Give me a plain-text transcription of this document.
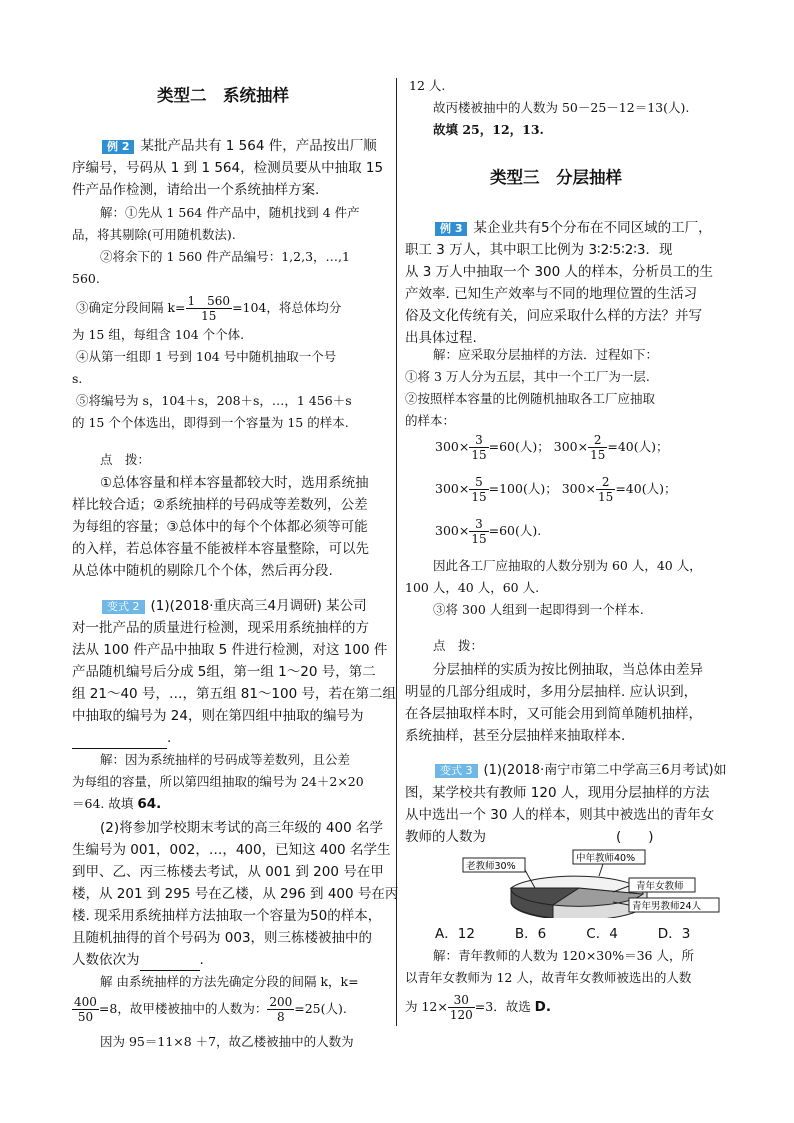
类型二　系统抽样
例 2 某批产品共有 1 564 件，产品按出厂顺
序编号，号码从 1 到 1 564，检测员要从中抽取 15
件产品作检测，请给出一个系统抽样方案.
解：①先从 1 564 件产品中，随机找到 4 件产
品，将其剔除(可用随机数法).
②将余下的 1 560 件产品编号：1,2,3，…,1
560.
③确定分段间隔 $k= \frac{1 560}{15} =104$，将总体均分
为 15 组，每组含 104 个个体.
④从第一组即 1 号到 104 号中随机抽取一个号
s.
⑤将编号为 s，104＋s，208＋s，…，1 456＋s
的 15 个个体选出，即得到一个容量为 15 的样本.
点　拨：
①总体容量和样本容量都较大时，选用系统抽
样比较合适；②系统抽样的号码成等差数列，公差
为每组的容量；③总体中的每个个体都必须等可能
的入样，若总体容量不能被样本容量整除，可以先
从总体中随机的剔除几个个体，然后再分段.
变式 2 (1)(2018·重庆高三4月调研) 某公司
对一批产品的质量进行检测，现采用系统抽样的方
法从 100 件产品中抽取 5 件进行检测，对这 100 件
产品随机编号后分成 5组，第一组 1～20 号，第二
组 21～40 号，…，第五组 81～100 号，若在第二组
中抽取的编号为 24，则在第四组中抽取的编号为
.
解：因为系统抽样的号码成等差数列，且公差
为每组的容量，所以第四组抽取的编号为 24＋2×20
＝64. 故填 64.
(2)将参加学校期末考试的高三年级的 400 名学
生编号为 001，002，…，400，已知这 400 名学生
到甲、乙、丙三栋楼去考试，从 001 到 200 号在甲
楼，从 201 到 295 号在乙楼，从 296 到 400 号在丙
楼. 现采用系统抽样方法抽取一个容量为50的样本，
且随机抽得的首个号码为 003，则三栋楼被抽中的
人数依次为	.
解 由系统抽样的方法先确定分段的间隔 k，k=
$\frac{400}{50} =8$，故甲楼被抽中的人数为： $\frac{200}{8} =25$(人).
因为 95＝11×8 ＋7，故乙楼被抽中的人数为
12 人.
故丙楼被抽中的人数为 50－25－12＝13(人).
故填 25，12，13.
类型三　分层抽样
例 3 某企业共有5个分布在不同区域的工厂，
职工 3 万人，其中职工比例为 3∶2∶5∶2∶3．现
从 3 万人中抽取一个 300 人的样本，分析员工的生
产效率. 已知生产效率与不同的地理位置的生活习
俗及文化传统有关，问应采取什么样的方法？并写
出具体过程.
解：应采取分层抽样的方法．过程如下：
①将 3 万人分为五层，其中一个工厂为一层.
②按照样本容量的比例随机抽取各工厂应抽取
的样本：
$300\times \frac{3}{15} =60$(人)； $300\times \frac{2}{15} =40$(人)；
$300\times \frac{5}{15} =100$(人)； $300\times \frac{2}{15} =40$(人)；
$300\times \frac{3}{15} =60$(人).
因此各工厂应抽取的人数分别为 60 人，40 人，
100 人，40 人，60 人.
③将 300 人组到一起即得到一个样本.
点　拨：
分层抽样的实质为按比例抽取，当总体由差异
明显的几部分组成时，多用分层抽样. 应认识到，
在各层抽取样本时，又可能会用到简单随机抽样，
系统抽样，甚至分层抽样来抽取样本.
变式 3 (1)(2018·南宁市第二中学高三6月考试)如
图，某学校共有教师 120 人，现用分层抽样的方法
从中选出一个 30 人的样本，则其中被选出的青年女
教师的人数为	(　　)
老教师30%
中年教师40%
青年女教师
青年男教师24人
A．12	B．6	C．4	D．3
解：青年教师的人数为 120×30%＝36 人，所
以青年女教师为 12 人，故青年女教师被选出的人数
为 $12\times \frac{30}{120} =3$．故选 D.
